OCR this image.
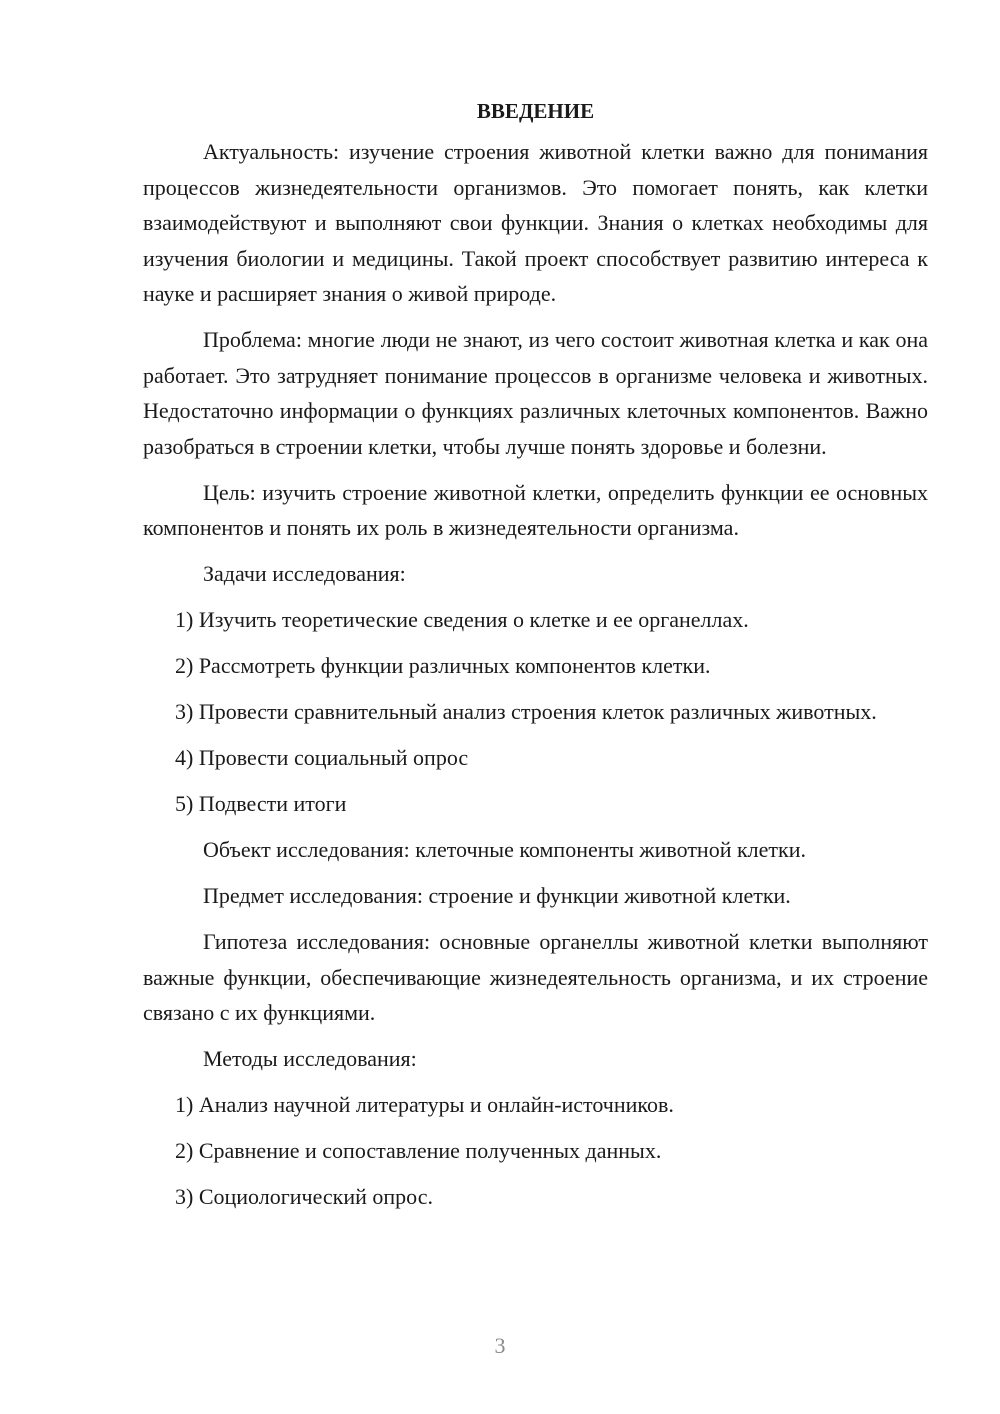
ВВЕДЕНИЕ

Актуальность: изучение строения животной клетки важно для понимания процессов жизнедеятельности организмов. Это помогает понять, как клетки взаимодействуют и выполняют свои функции. Знания о клетках необходимы для изучения биологии и медицины. Такой проект способствует развитию интереса к науке и расширяет знания о живой природе.

Проблема: многие люди не знают, из чего состоит животная клетка и как она работает. Это затрудняет понимание процессов в организме человека и животных. Недостаточно информации о функциях различных клеточных компонентов. Важно разобраться в строении клетки, чтобы лучше понять здоровье и болезни.

Цель: изучить строение животной клетки, определить функции ее основных компонентов и понять их роль в жизнедеятельности организма.

Задачи исследования:

1) Изучить теоретические сведения о клетке и ее органеллах.

2) Рассмотреть функции различных компонентов клетки.

3) Провести сравнительный анализ строения клеток различных животных.

4) Провести социальный опрос

5) Подвести итоги

Объект исследования: клеточные компоненты животной клетки.

Предмет исследования: строение и функции животной клетки.

Гипотеза исследования: основные органеллы животной клетки выполняют важные функции, обеспечивающие жизнедеятельность организма, и их строение связано с их функциями.

Методы исследования:

1) Анализ научной литературы и онлайн-источников.

2) Сравнение и сопоставление полученных данных.

3) Социологический опрос.

3
